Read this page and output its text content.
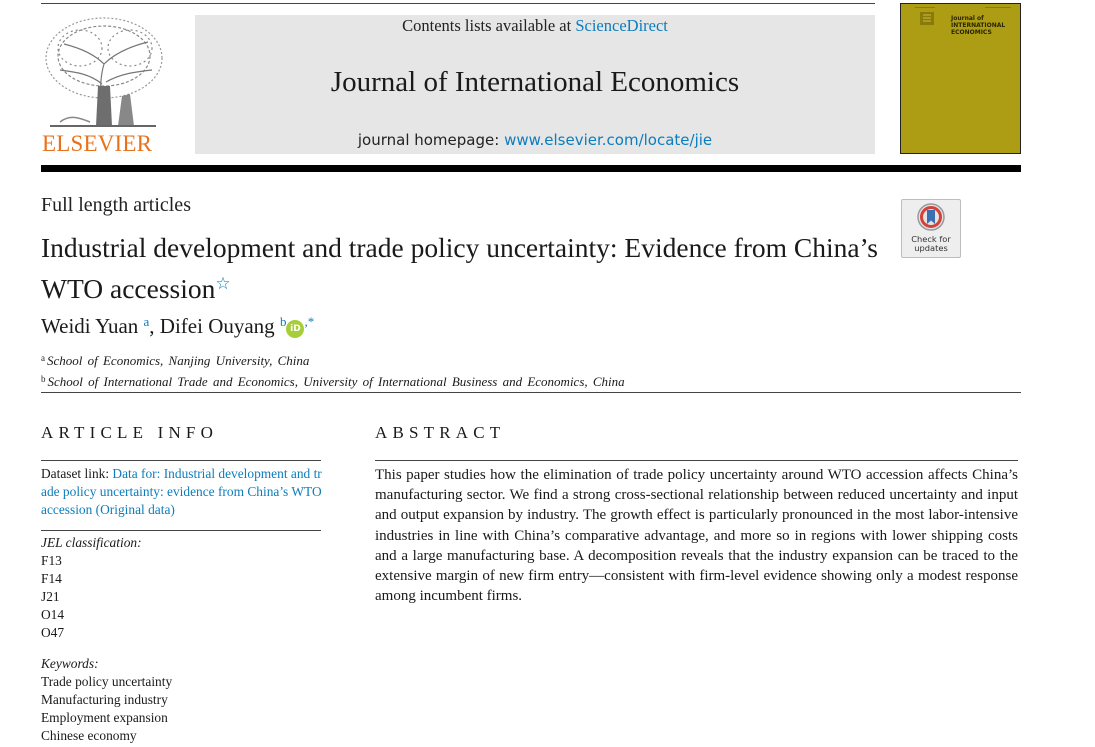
ELSEVIER
Contents lists available at ScienceDirect
Journal of International Economics
journal homepage: www.elsevier.com/locate/jie
Journal of INTERNATIONAL ECONOMICS
Full length articles
Industrial development and trade policy uncertainty: Evidence from China’s WTO accession☆
Check for updates
Weidi Yuan $^a$, Difei Ouyang $^b$ iD ,*
$^a$ School of Economics, Nanjing University, China
$^b$ School of International Trade and Economics, University of International Business and Economics, China
ARTICLE INFO
Dataset link: Data for: Industrial development and trade policy uncertainty: evidence from China’s WTO accession (Original data)
JEL classification:
F13
F14
J21
O14
O47
Keywords:
Trade policy uncertainty
Manufacturing industry
Employment expansion
Chinese economy
ABSTRACT
This paper studies how the elimination of trade policy uncertainty around WTO accession affects China’s manufacturing sector. We find a strong cross-sectional relationship between reduced uncertainty and input and output expansion by industry. The growth effect is particularly pronounced in the most labor-intensive industries in line with China’s comparative advantage, and more so in regions with lower shipping costs and a large manufacturing base. A decomposition reveals that the industry expansion can be traced to the extensive margin of new firm entry—consistent with firm-level evidence showing only a modest response among incumbent firms.
